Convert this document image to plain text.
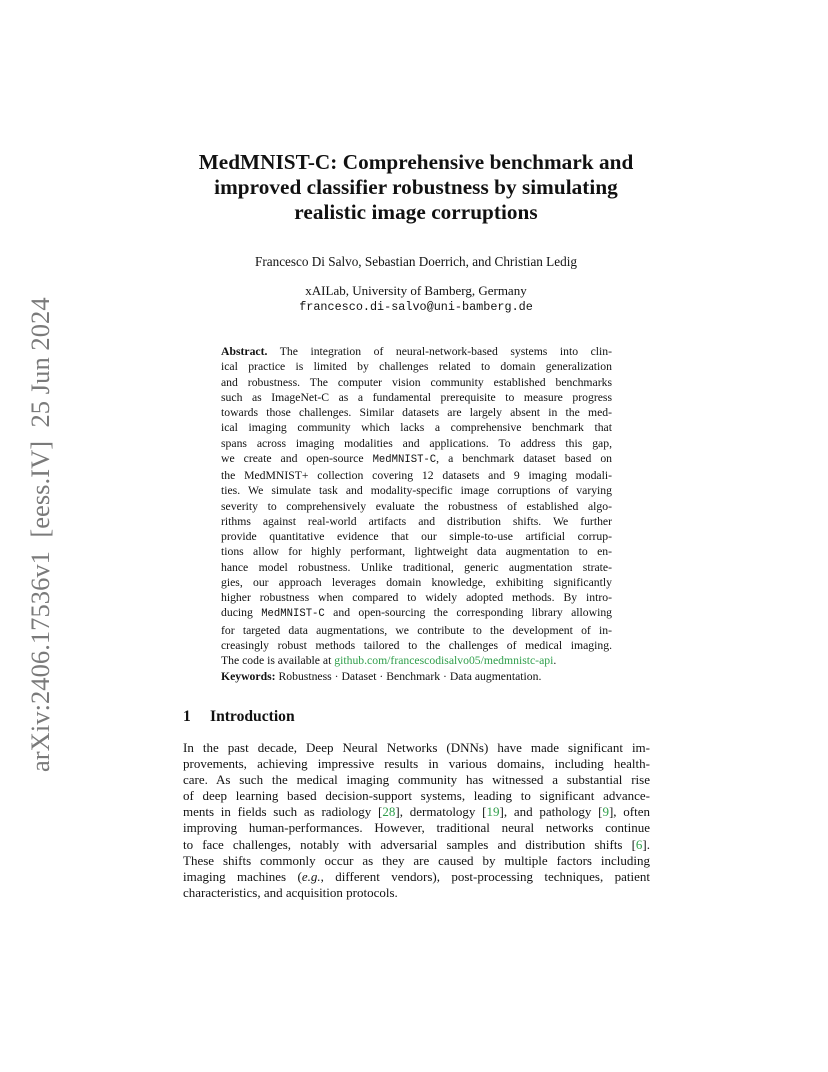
arXiv:2406.17536v1  [eess.IV]  25 Jun 2024
MedMNIST-C: Comprehensive benchmark and
improved classifier robustness by simulating
realistic image corruptions
Francesco Di Salvo, Sebastian Doerrich, and Christian Ledig
xAILab, University of Bamberg, Germany
francesco.di-salvo@uni-bamberg.de
Abstract. The integration of neural-network-based systems into clin-
ical practice is limited by challenges related to domain generalization
and robustness. The computer vision community established benchmarks
such as ImageNet-C as a fundamental prerequisite to measure progress
towards those challenges. Similar datasets are largely absent in the med-
ical imaging community which lacks a comprehensive benchmark that
spans across imaging modalities and applications. To address this gap,
we create and open-source MedMNIST-C, a benchmark dataset based on
the MedMNIST+ collection covering 12 datasets and 9 imaging modali-
ties. We simulate task and modality-specific image corruptions of varying
severity to comprehensively evaluate the robustness of established algo-
rithms against real-world artifacts and distribution shifts. We further
provide quantitative evidence that our simple-to-use artificial corrup-
tions allow for highly performant, lightweight data augmentation to en-
hance model robustness. Unlike traditional, generic augmentation strate-
gies, our approach leverages domain knowledge, exhibiting significantly
higher robustness when compared to widely adopted methods. By intro-
ducing MedMNIST-C and open-sourcing the corresponding library allowing
for targeted data augmentations, we contribute to the development of in-
creasingly robust methods tailored to the challenges of medical imaging.
The code is available at github.com/francescodisalvo05/medmnistc-api.
Keywords: Robustness · Dataset · Benchmark · Data augmentation.
1 Introduction
In the past decade, Deep Neural Networks (DNNs) have made significant im-
provements, achieving impressive results in various domains, including health-
care. As such the medical imaging community has witnessed a substantial rise
of deep learning based decision-support systems, leading to significant advance-
ments in fields such as radiology [28], dermatology [19], and pathology [9], often
improving human-performances. However, traditional neural networks continue
to face challenges, notably with adversarial samples and distribution shifts [6].
These shifts commonly occur as they are caused by multiple factors including
imaging machines (e.g., different vendors), post-processing techniques, patient
characteristics, and acquisition protocols.
